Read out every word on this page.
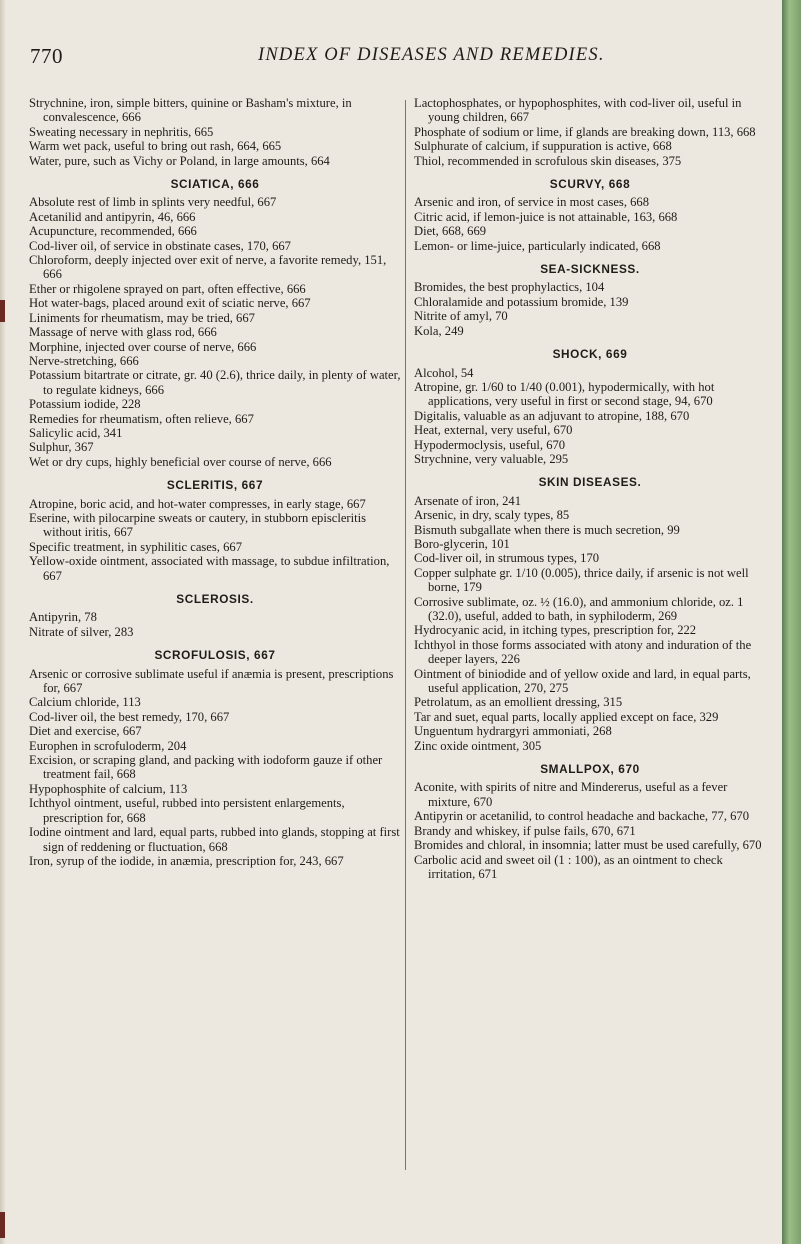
770	INDEX OF DISEASES AND REMEDIES.
Strychnine, iron, simple bitters, quinine or Basham's mixture, in convalescence, 666
Sweating necessary in nephritis, 665
Warm wet pack, useful to bring out rash, 664, 665
Water, pure, such as Vichy or Poland, in large amounts, 664
SCIATICA, 666
Absolute rest of limb in splints very needful, 667
Acetanilid and antipyrin, 46, 666
Acupuncture, recommended, 666
Cod-liver oil, of service in obstinate cases, 170, 667
Chloroform, deeply injected over exit of nerve, a favorite remedy, 151, 666
Ether or rhigolene sprayed on part, often effective, 666
Hot water-bags, placed around exit of sciatic nerve, 667
Liniments for rheumatism, may be tried, 667
Massage of nerve with glass rod, 666
Morphine, injected over course of nerve, 666
Nerve-stretching, 666
Potassium bitartrate or citrate, gr. 40 (2.6), thrice daily, in plenty of water, to regulate kidneys, 666
Potassium iodide, 228
Remedies for rheumatism, often relieve, 667
Salicylic acid, 341
Sulphur, 367
Wet or dry cups, highly beneficial over course of nerve, 666
SCLERITIS, 667
Atropine, boric acid, and hot-water compresses, in early stage, 667
Eserine, with pilocarpine sweats or cautery, in stubborn episcleritis without iritis, 667
Specific treatment, in syphilitic cases, 667
Yellow-oxide ointment, associated with massage, to subdue infiltration, 667
SCLEROSIS.
Antipyrin, 78
Nitrate of silver, 283
SCROFULOSIS, 667
Arsenic or corrosive sublimate useful if anæmia is present, prescriptions for, 667
Calcium chloride, 113
Cod-liver oil, the best remedy, 170, 667
Diet and exercise, 667
Europhen in scrofuloderm, 204
Excision, or scraping gland, and packing with iodoform gauze if other treatment fail, 668
Hypophosphite of calcium, 113
Ichthyol ointment, useful, rubbed into persistent enlargements, prescription for, 668
Iodine ointment and lard, equal parts, rubbed into glands, stopping at first sign of reddening or fluctuation, 668
Iron, syrup of the iodide, in anæmia, prescription for, 243, 667
Lactophosphates, or hypophosphites, with cod-liver oil, useful in young children, 667
Phosphate of sodium or lime, if glands are breaking down, 113, 668
Sulphurate of calcium, if suppuration is active, 668
Thiol, recommended in scrofulous skin diseases, 375
SCURVY, 668
Arsenic and iron, of service in most cases, 668
Citric acid, if lemon-juice is not attainable, 163, 668
Diet, 668, 669
Lemon- or lime-juice, particularly indicated, 668
SEA-SICKNESS.
Bromides, the best prophylactics, 104
Chloralamide and potassium bromide, 139
Nitrite of amyl, 70
Kola, 249
SHOCK, 669
Alcohol, 54
Atropine, gr. 1/60 to 1/40 (0.001), hypodermically, with hot applications, very useful in first or second stage, 94, 670
Digitalis, valuable as an adjuvant to atropine, 188, 670
Heat, external, very useful, 670
Hypodermoclysis, useful, 670
Strychnine, very valuable, 295
SKIN DISEASES.
Arsenate of iron, 241
Arsenic, in dry, scaly types, 85
Bismuth subgallate when there is much secretion, 99
Boro-glycerin, 101
Cod-liver oil, in strumous types, 170
Copper sulphate gr. 1/10 (0.005), thrice daily, if arsenic is not well borne, 179
Corrosive sublimate, oz. ½ (16.0), and ammonium chloride, oz. 1 (32.0), useful, added to bath, in syphiloderm, 269
Hydrocyanic acid, in itching types, prescription for, 222
Ichthyol in those forms associated with atony and induration of the deeper layers, 226
Ointment of biniodide and of yellow oxide and lard, in equal parts, useful application, 270, 275
Petrolatum, as an emollient dressing, 315
Tar and suet, equal parts, locally applied except on face, 329
Unguentum hydrargyri ammoniati, 268
Zinc oxide ointment, 305
SMALLPOX, 670
Aconite, with spirits of nitre and Mindererus, useful as a fever mixture, 670
Antipyrin or acetanilid, to control headache and backache, 77, 670
Brandy and whiskey, if pulse fails, 670, 671
Bromides and chloral, in insomnia; latter must be used carefully, 670
Carbolic acid and sweet oil (1 : 100), as an ointment to check irritation, 671
